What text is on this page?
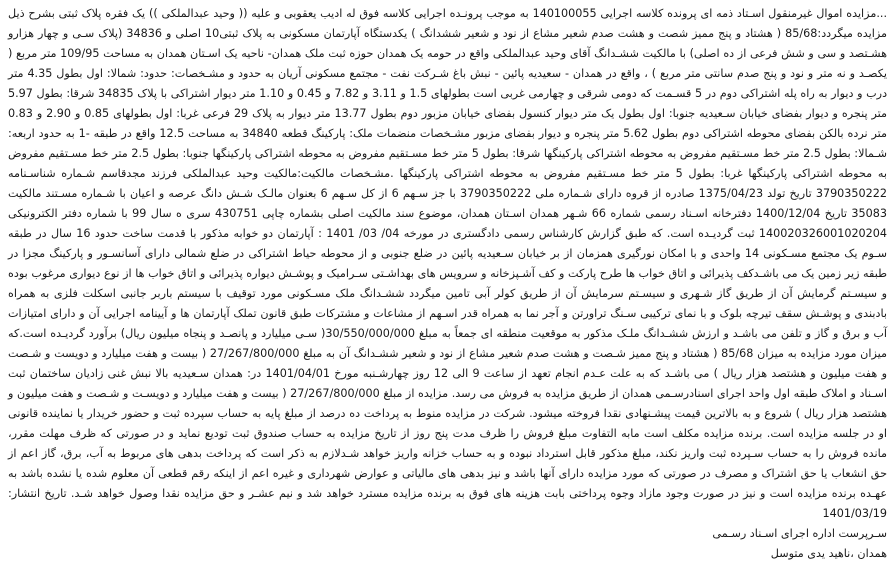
...مزایده اموال غیرمنقول اسـتاد ذمه ای پرونده کلاسه اجرایی 140100055 به موجب پرونـده اجرایی کلاسه فوق له ادیب یعقوبی و علیه (( وحید عبدالملکی )) یک فقره پلاک ثبتی بشرح ذیل مزایده میگردد:85/68 ( هشتاد و پنج ممیز شصت و هشت صدم شعیر مشاع از نود و شعیر ششدانگ ) یکدستگاه آپارتمان مسکونی به پلاک ثبتی10 اصلی و 34836 (پلاک سـی و چهار هزارو هشـتصد و سی و شش فرعی از ده اصلی) با مالکیت ششـدانگ آقای وحید عبدالملکی واقع در حومه یک همدان حوزه ثبت ملک همدان- ناحیه یک اسـتان همدان به مساحت 109/95 متر مربع ( یکصـد و نه متر و نود و پنج صدم سانتی متر مربع ) ، واقع در همدان - سعیدیه پائین - نبش باغ شـرکت نفت - مجتمع مسکونی آریان به حدود و مشـخصات: حدود: شمالا: اول بطول 4.35 متر درب و دیوار به راه پله اشتراکی دوم در 5 قسـمت که دومی شرقی و چهارمی غربی است بطولهای 1.5 و 3.11 و 7.82 و 0.45 و 1.10 متر دیوار اشتراکی با پلاک 34835 شرقا: بطول 5.97 متر پنجره و دیوار بفضای خیابان سـعیدیه جنوبا: اول بطول یک متر دیوار کنسول بفضای خیابان مزبور دوم بطول 13.77 متر دیوار به پلاک 29 فرعی غربا: اول بطولهای 0.85 و 2.90 و 0.83 متر نرده بالکن بفضای محوطه اشتراکی دوم بطول 5.62 متر پنجره و دیوار بفضای مزبور مشـخصات منضمات ملک: پارکینگ قطعه 34840 به مساحت 12.5 واقع در طبقه -1 به حدود اربعه: شـمالا: بطول 2.5 متر خط مسـتقیم مفروض به محوطه اشتراکی پارکینگها شرقا: بطول 5 متر خط مسـتقیم مفروض به محوطه اشتراکی پارکینگها جنوبا: بطول 2.5 متر خط مسـتقیم مفروض به محوطه اشتراکی پارکینگها غربا: بطول 5 متر خط مسـتقیم مفروض به محوطه اشتراکی پارکینگها .مشـخصات مالکیت:مالکیت وحید عبدالملکی فرزند مجدقاسم شـماره شناسـنامه 3790350222 تاریخ تولد 1375/04/23 صادره از قروه دارای شـماره ملی 3790350222 با جز سـهم 6 از کل سـهم 6 بعنوان مالـک شـش دانگ عرصه و اعیان با شـماره مسـتند مالکیت 35083 تاریخ 1400/12/04 دفترخانه اسـناد رسمی شماره 66 شـهر همدان اسـتان همدان، موضوع سند مالکیت اصلی بشماره چاپی 430751 سری ه سال 99 با شماره دفتر الکترونیکی 140020326001020204 ثبت گردیـده است. که طبق گزارش کارشناس رسمی دادگستری در مورخه 04/ 03/ 1401 : آپارتمان دو خوابه مذکور با قدمت ساخت حدود 16 سال در طبقه سـوم یک مجتمع مسـکونی 14 واحدی و با امکان نورگیری همزمان از بر خیابان سـعیدیه پائین در ضلع جنوبی و از محوطه حیاط اشتراکی در ضلع شمالی دارای آسانسـور و پارکینگ مجزا در طبقه زیر زمین یک می باشـدکف پذیرائی و اتاق خواب ها طرح پارکت و کف آشـپزخانه و سرویس های بهداشـتی سـرامیک و پوشـش دیواره پذیرائی و اتاق خواب ها از نوع دیواری مرغوب بوده و سیسـتم گرمایش آن از طریق گاز شـهری و سیسـتم سرمایش آن از طریق کولر آبی تامین میگردد ششـدانگ ملک مسـکونی مورد توقیف با سیستم باربر جانبی اسکلت فلزی به همراه بادبندی و پوشـش سقف تیرچه بلوک و با نمای ترکیبی سـنگ تراورتن و آجر نما به همراه قدر اسـهم از مشاعات و مشترکات طبق قانون تملک آپارتمان ها و آیینامه اجرایی آن و دارای امتیازات آب و برق و گاز و تلفن می باشـد و ارزش ششـدانگ ملـک مذکور به موقعیت منطقه ای جمعاً به مبلغ 30/550/000/000( سـی میلیارد و پانصـد و پنجاه میلیون ریال) برآورد گردیـده است.که میزان مورد مزایده به میزان 85/68 ( هشتاد و پنج ممیز شـصت و هشت صدم شعیر مشاع از نود و شعیر ششـدانگ آن به مبلغ 27/267/800/000 ( بیست و هفت میلیارد و دویست و شـصت و هفت میلیون و هشتصد هزار ریال ) می باشـد که به علت عـدم انجام تعهد از ساعت 9 الی 12 روز چهارشـنبه مورخ 1401/04/01 در: همدان سـعیدیه بالا نبش غنی زادیان ساختمان ثبت اسـناد و املاک طبقه اول واحد اجرای اسنادرسـمی همدان از طریق مزایده به فروش می رسد. مزایده از مبلغ 27/267/800/000 ( بیست و هفت میلیارد و دویسـت و شـصت و هفت میلیون و هشتصد هزار ریال ) شروع و به بالاترین قیمت پیشـنهادی نقدا فروخته میشود. شرکت در مزایده منوط به پرداخت ده درصد از مبلغ پایه به حساب سپرده ثبت و حضور خریدار یا نماینده قانونی او در جلسه مزایده است. برنده مزایده مکلف است مابه التفاوت مبلغ فروش را ظرف مدت پنج روز از تاریخ مزایده به حساب صندوق ثبت تودیع نماید و در صورتی که ظرف مهلت مقرر، مانده فروش را به حساب سـپرده ثبت واریز نکند، مبلغ مذکور قابل استرداد نبوده و به حساب خزانه واریز خواهد شـدلازم به ذکر است که پرداخت بدهی های مربوط به آب، برق، گاز اعم از حق انشعاب یا حق اشتراک و مصرف در صورتی که مورد مزایده دارای آنها باشد و نیز بدهی های مالیاتی و عوارض شهرداری و غیره اعم از اینکه رقم قطعی آن معلوم شده یا نشده باشد به عهـده برنده مزایده است و نیز در صورت وجود مازاد وجوه پرداختی بابت هزینه های فوق به برنده مزایده مسترد خواهد شد و نیم عشـر و حق مزایده نقدا وصول خواهد شـد. تاریخ انتشار: 1401/03/19

سـرپرست اداره اجرای اسـناد رسـمی

همدان ،ناهید یدی متوسل
